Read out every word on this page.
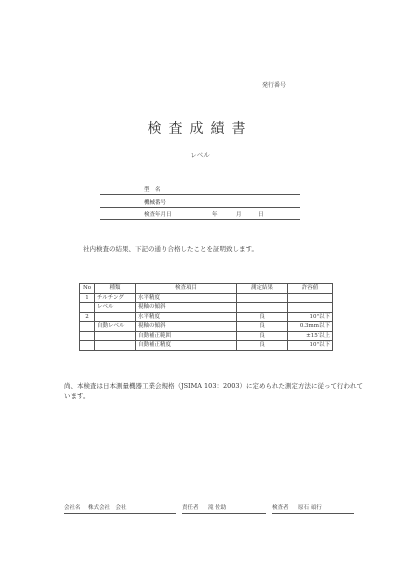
発行番号
検査成績書
レベル
型　名
機械番号
検査年月日	年	月	日
社内検査の結果、下記の通り合格したことを証明致します。
No	種類	検査項目	測定結果	許容値
1	チルチング	水平精度		
	レベル	視軸の傾斜		
2		水平精度	良	10"以下
	自動レベル	視軸の傾斜	良	0.3mm以下
		自動補正範囲	良	±15′以上
		自動補正精度	良	10"以下
尚、本検査は日本測量機器工業会規格（JSIMA 103：2003）に定められた測定方法に従って行われています。
会社名 株式会社　会社	責任者 滝 佐助	検査者 原石 頑行
